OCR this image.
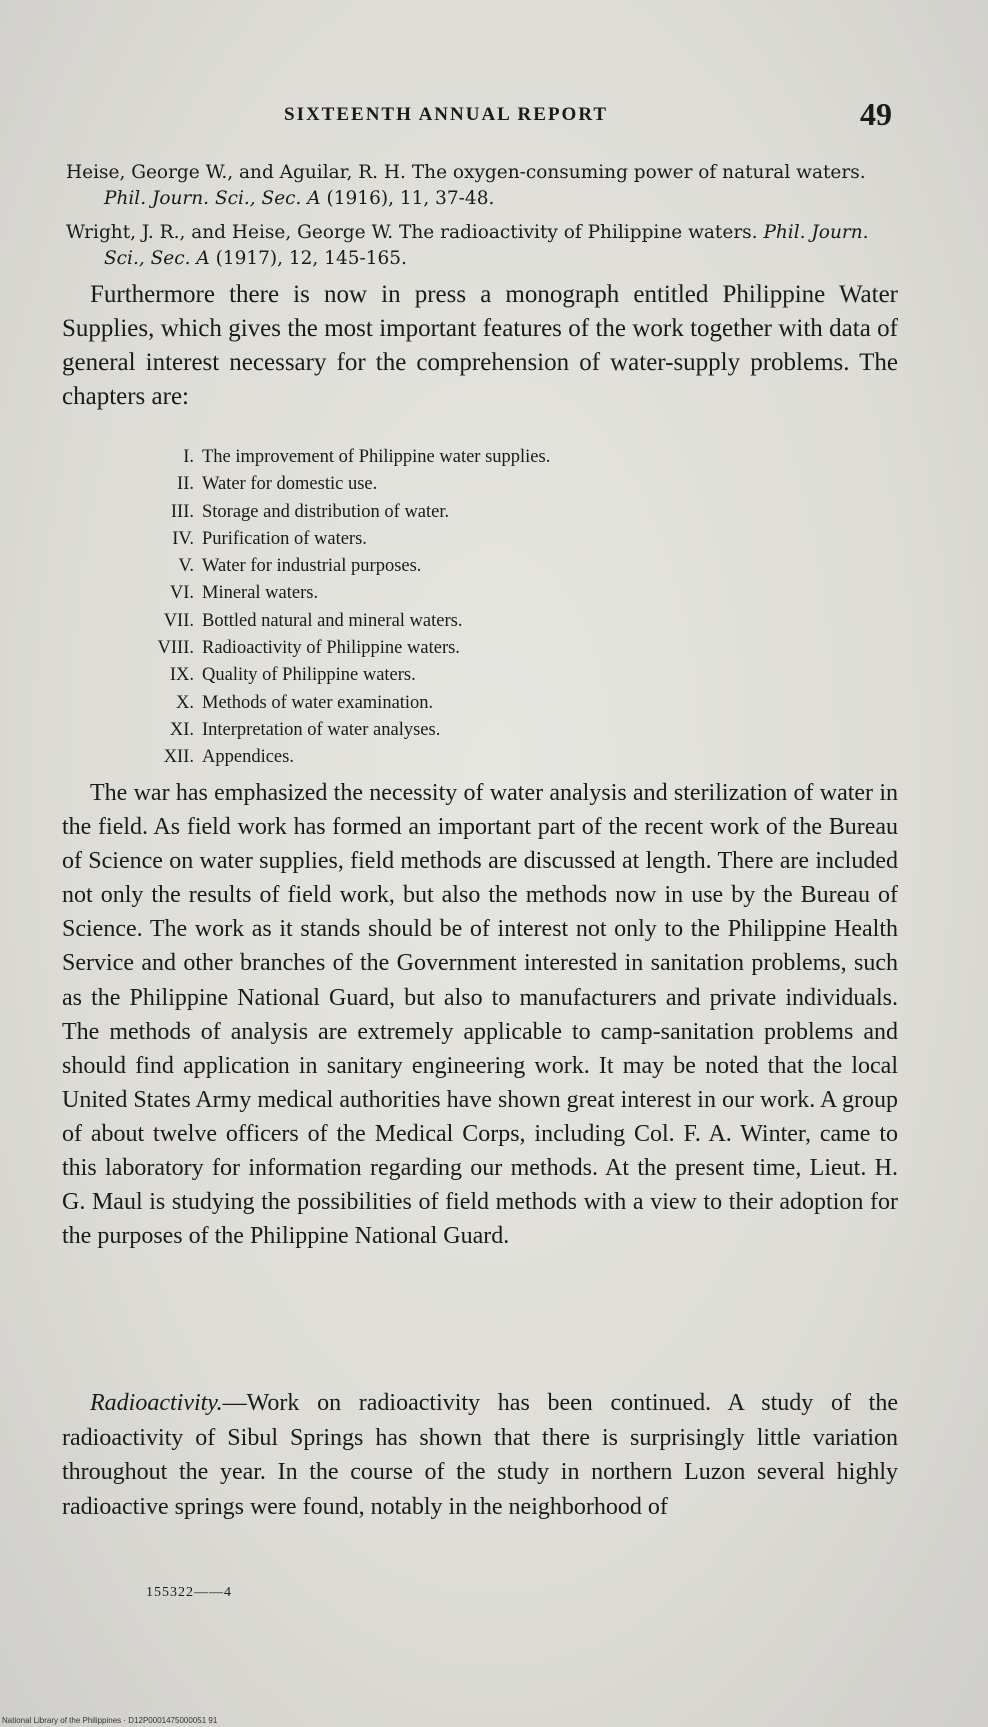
SIXTEENTH ANNUAL REPORT	49

Heise, George W., and Aguilar, R. H. The oxygen-consuming power of natural waters. Phil. Journ. Sci., Sec. A (1916), 11, 37-48.

Wright, J. R., and Heise, George W. The radioactivity of Philippine waters. Phil. Journ. Sci., Sec. A (1917), 12, 145-165.

Furthermore there is now in press a monograph entitled Philippine Water Supplies, which gives the most important features of the work together with data of general interest necessary for the comprehension of water-supply problems. The chapters are:
I. The improvement of Philippine water supplies.
II. Water for domestic use.
III. Storage and distribution of water.
IV. Purification of waters.
V. Water for industrial purposes.
VI. Mineral waters.
VII. Bottled natural and mineral waters.
VIII. Radioactivity of Philippine waters.
IX. Quality of Philippine waters.
X. Methods of water examination.
XI. Interpretation of water analyses.
XII. Appendices.
The war has emphasized the necessity of water analysis and sterilization of water in the field. As field work has formed an important part of the recent work of the Bureau of Science on water supplies, field methods are discussed at length. There are included not only the results of field work, but also the methods now in use by the Bureau of Science. The work as it stands should be of interest not only to the Philippine Health Service and other branches of the Government interested in sanitation problems, such as the Philippine National Guard, but also to manufacturers and private individuals. The methods of analysis are extremely applicable to camp-sanitation problems and should find application in sanitary engineering work. It may be noted that the local United States Army medical authorities have shown great interest in our work. A group of about twelve officers of the Medical Corps, including Col. F. A. Winter, came to this laboratory for information regarding our methods. At the present time, Lieut. H. G. Maul is studying the possibilities of field methods with a view to their adoption for the purposes of the Philippine National Guard.
Radioactivity.—Work on radioactivity has been continued. A study of the radioactivity of Sibul Springs has shown that there is surprisingly little variation throughout the year. In the course of the study in northern Luzon several highly radioactive springs were found, notably in the neighborhood of
155322——4
National Library of the Philippines · D12P0001475000051 91
